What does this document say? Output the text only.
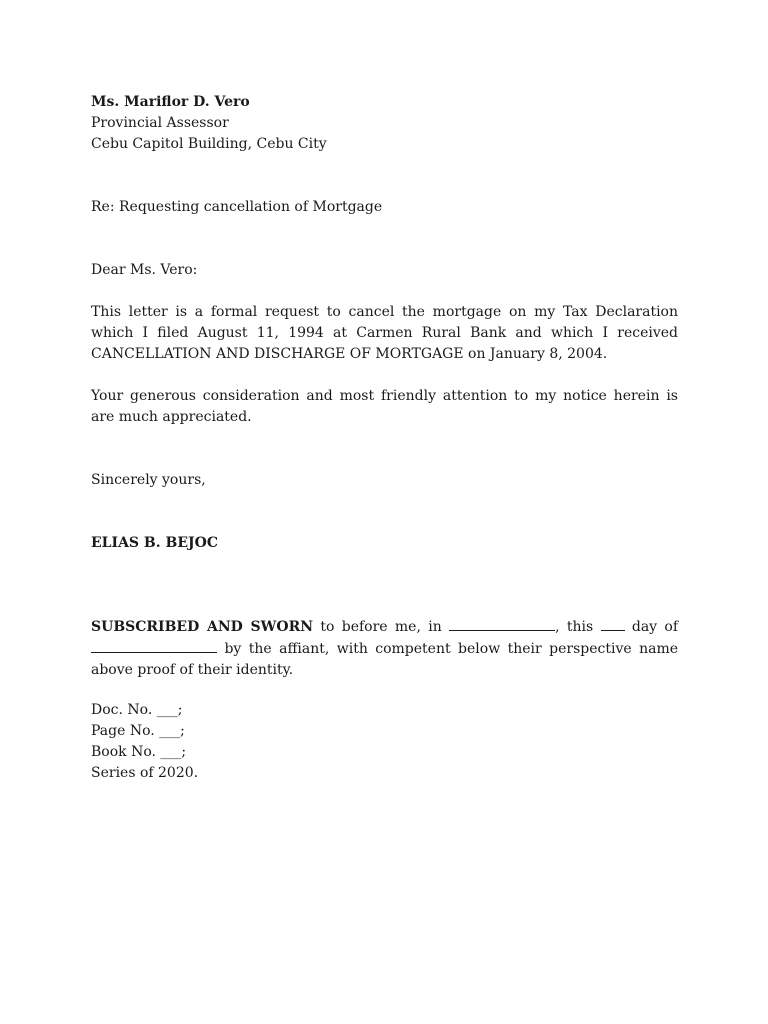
Ms. Mariflor D. Vero
Provincial Assessor
Cebu Capitol Building, Cebu City
Re: Requesting cancellation of Mortgage
Dear Ms. Vero:
This letter is a formal request to cancel the mortgage on my Tax Declaration
which I filed August 11, 1994 at Carmen Rural Bank and which I received
CANCELLATION AND DISCHARGE OF MORTGAGE on January 8, 2004.
Your generous consideration and most friendly attention to my notice herein is
are much appreciated.
Sincerely yours,
ELIAS B. BEJOC
SUBSCRIBED AND SWORN to before me, in	, this	day of
by the affiant, with competent below their perspective name
above proof of their identity.
Doc. No. ___;
Page No. ___;
Book No. ___;
Series of 2020.
